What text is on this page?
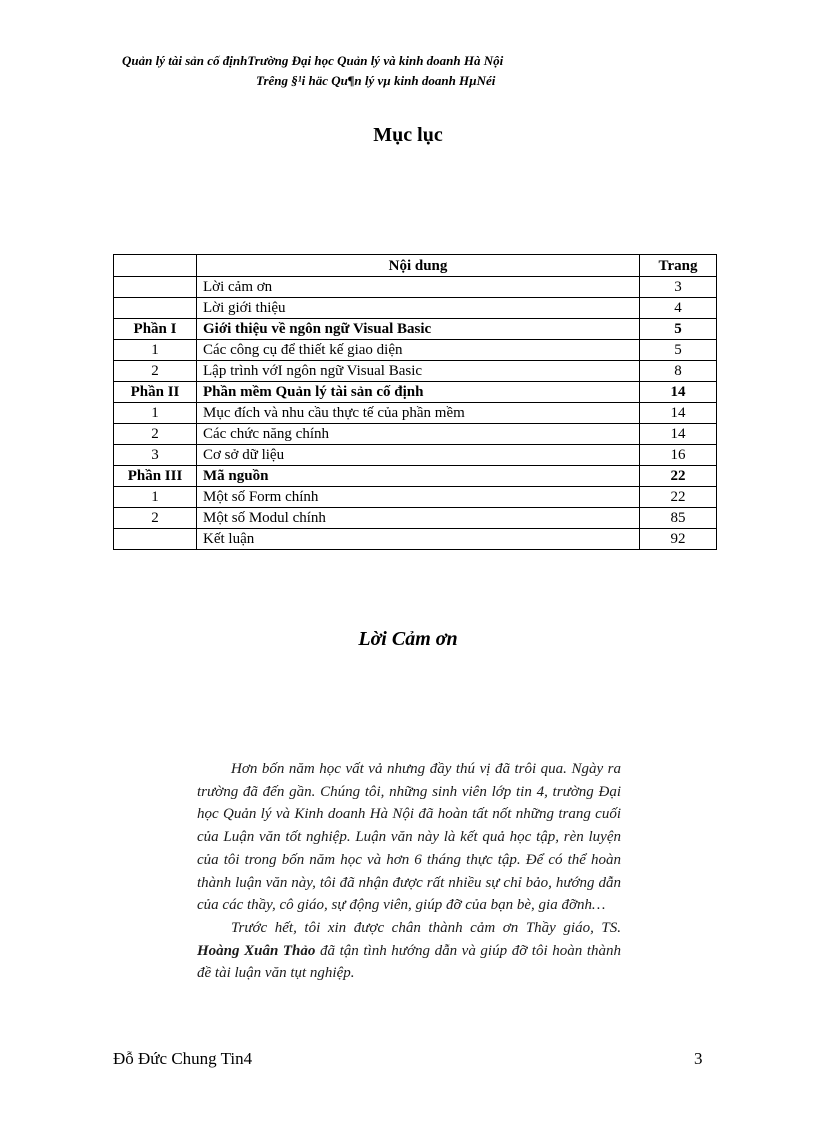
Quản lý tài sản cố địnhTrường Đại học Quản lý và kinh doanh Hà Nội
Trêng §¹i häc Qu¶n lý vµ kinh doanh HµNéi
Mục lục
	Nội dung	Trang
	Lời cảm ơn	3
	Lời giới thiệu	4
Phần I	Giới thiệu về ngôn ngữ Visual Basic	5
1	Các công cụ để thiết kế giao diện	5
2	Lập trình vớI ngôn ngữ Visual Basic	8
Phần II	Phần mềm Quản lý tài sản cố định	14
1	Mục đích và nhu cầu thực tế của phần mềm	14
2	Các chức năng chính	14
3	Cơ sở dữ liệu	16
Phần III	Mã nguồn	22
1	Một số Form chính	22
2	Một số Modul chính	85
	Kết luận	92
Lời Cảm ơn

Hơn bốn năm học vất vả nhưng đầy thú vị đã trôi qua. Ngày ra trường đã đến gần. Chúng tôi, những sinh viên lớp tin 4, trường Đại học Quản lý và Kinh doanh Hà Nội đã hoàn tất nốt những trang cuối của Luận văn tốt nghiệp. Luận văn này là kết quả học tập, rèn luyện của tôi trong bốn năm học và hơn 6 tháng thực tập. Để có thể hoàn thành luận văn này, tôi đã nhận được rất nhiều sự chỉ bảo, hướng dẫn của các thầy, cô giáo, sự động viên, giúp đỡ của bạn bè, gia đỡnh…

Trước hết, tôi xin được chân thành cảm ơn Thầy giáo, TS. Hoàng Xuân Thảo đã tận tình hướng dẫn và giúp đỡ tôi hoàn thành đề tài luận văn tụt nghiệp.

Đỗ Đức Chung Tin4	3
